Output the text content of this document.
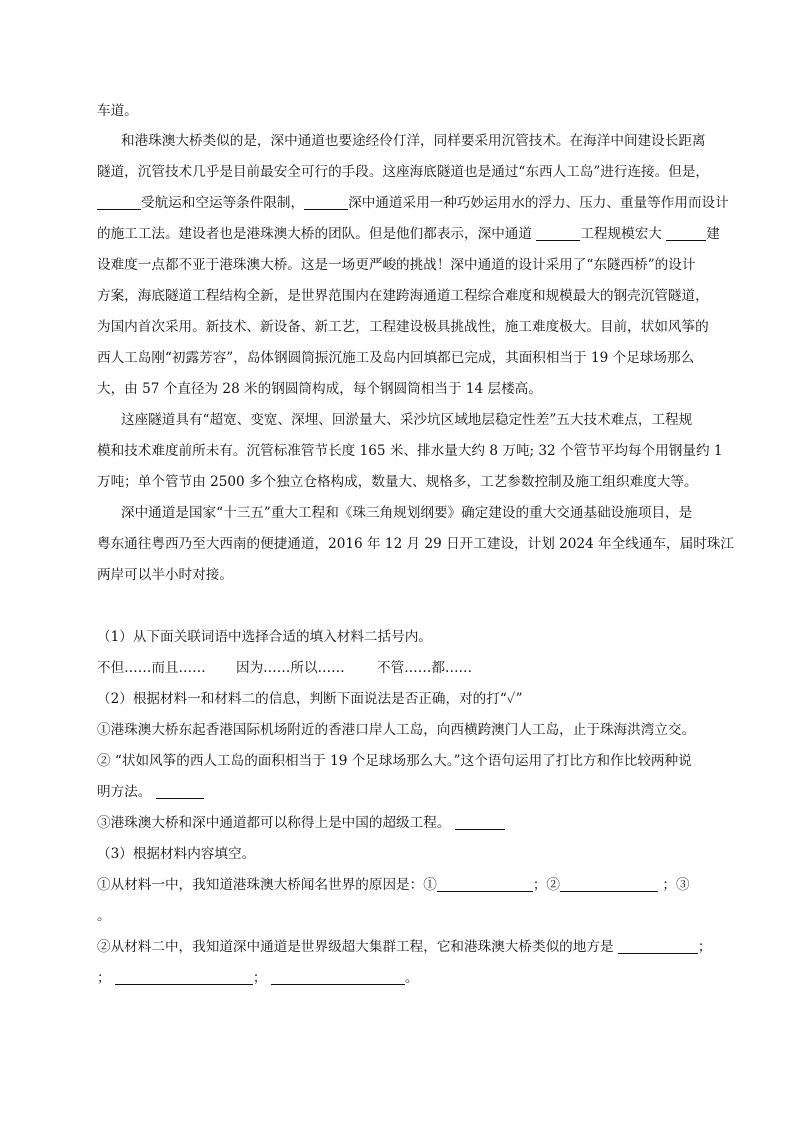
车道。
和港珠澳大桥类似的是，深中通道也要途经伶仃洋，同样要采用沉管技术。在海洋中间建设长距离
隧道，沉管技术几乎是目前最安全可行的手段。这座海底隧道也是通过“东西人工岛”进行连接。但是，
受航运和空运等条件限制，	深中通道采用一种巧妙运用水的浮力、压力、重量等作用而设计
的施工工法。建设者也是港珠澳大桥的团队。但是他们都表示，深中通道	工程规模宏大	建
设难度一点都不亚于港珠澳大桥。这是一场更严峻的挑战！深中通道的设计采用了“东隧西桥”的设计
方案，海底隧道工程结构全新，是世界范围内在建跨海通道工程综合难度和规模最大的钢壳沉管隧道，
为国内首次采用。新技术、新设备、新工艺，工程建设极具挑战性，施工难度极大。目前，状如风筝的
西人工岛刚“初露芳容”，岛体钢圆筒振沉施工及岛内回填都已完成，其面积相当于 19 个足球场那么
大，由 57 个直径为 28 米的钢圆筒构成，每个钢圆筒相当于 14 层楼高。
这座隧道具有“超宽、变宽、深埋、回淤量大、采沙坑区域地层稳定性差”五大技术难点，工程规
模和技术难度前所未有。沉管标准管节长度 165 米、排水量大约 8 万吨; 32 个管节平均每个用钢量约 1
万吨；单个管节由 2500 多个独立仓格构成，数量大、规格多，工艺参数控制及施工组织难度大等。
深中通道是国家“十三五”重大工程和《珠三角规划纲要》确定建设的重大交通基础设施项目，是
粤东通往粤西乃至大西南的便捷通道，2016 年 12 月 29 日开工建设，计划 2024 年全线通车，届时珠江
两岸可以半小时对接。
（1）从下面关联词语中选择合适的填入材料二括号内。
不但……而且…… 因为……所以…… 不管……都……
（2）根据材料一和材料二的信息，判断下面说法是否正确，对的打“✓”
①港珠澳大桥东起香港国际机场附近的香港口岸人工岛，向西横跨澳门人工岛，止于珠海洪湾立交。
② “状如风筝的西人工岛的面积相当于 19 个足球场那么大。”这个语句运用了打比方和作比较两种说
明方法。
③港珠澳大桥和深中通道都可以称得上是中国的超级工程。
（3）根据材料内容填空。
①从材料一中，我知道港珠澳大桥闻名世界的原因是：①	；②	；③
。
②从材料二中，我知道深中通道是世界级超大集群工程，它和港珠澳大桥类似的地方是	；
；	；	。
